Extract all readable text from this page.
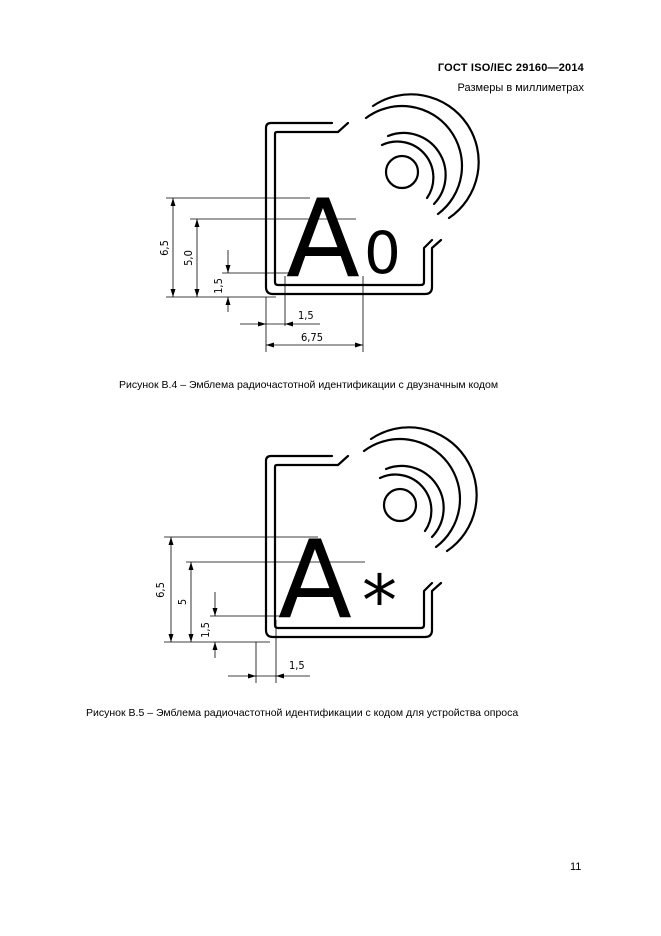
ГОСТ ISO/IEC 29160—2014
Размеры в миллиметрах
A 0
6,5
5,0
1,5
1,5
6,75
Рисунок В.4 – Эмблема радиочастотной идентификации с двузначным кодом
A *
6,5
5
1,5
1,5
Рисунок В.5 – Эмблема радиочастотной идентификации с кодом для устройства опроса
11
